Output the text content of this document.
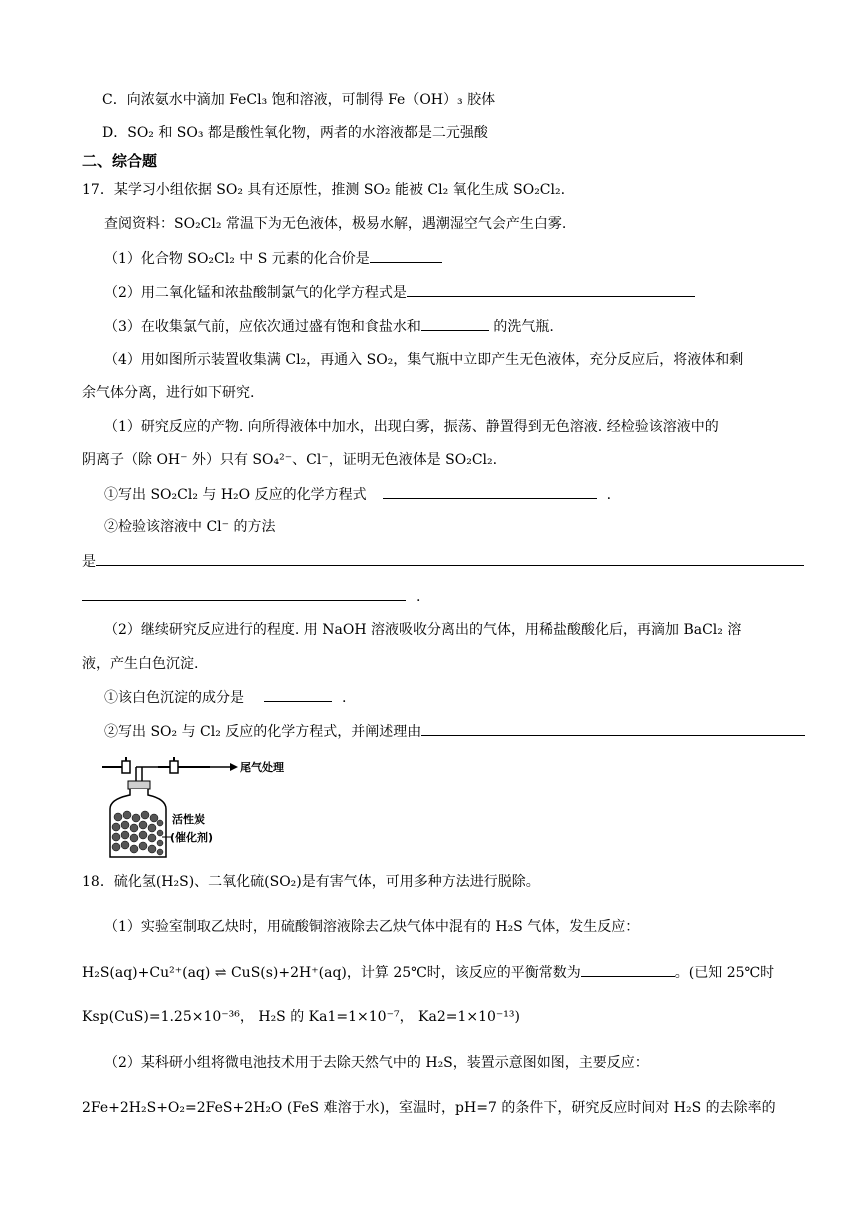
C．向浓氨水中滴加 FeCl₃ 饱和溶液，可制得 Fe（OH）₃ 胶体
D．SO₂ 和 SO₃ 都是酸性氧化物，两者的水溶液都是二元强酸
二、综合题
17．某学习小组依据 SO₂ 具有还原性，推测 SO₂ 能被 Cl₂ 氧化生成 SO₂Cl₂.
查阅资料：SO₂Cl₂ 常温下为无色液体，极易水解，遇潮湿空气会产生白雾.
（1）化合物 SO₂Cl₂ 中 S 元素的化合价是
（2）用二氧化锰和浓盐酸制氯气的化学方程式是
（3）在收集氯气前，应依次通过盛有饱和食盐水和	的洗气瓶.
（4）用如图所示装置收集满 Cl₂，再通入 SO₂，集气瓶中立即产生无色液体，充分反应后，将液体和剩
余气体分离，进行如下研究.
（1）研究反应的产物. 向所得液体中加水，出现白雾，振荡、静置得到无色溶液. 经检验该溶液中的
阴离子（除 OH⁻ 外）只有 SO₄²⁻、Cl⁻，证明无色液体是 SO₂Cl₂.
①写出 SO₂Cl₂ 与 H₂O 反应的化学方程式	.
②检验该溶液中 Cl⁻ 的方法
是
.
（2）继续研究反应进行的程度. 用 NaOH 溶液吸收分离出的气体，用稀盐酸酸化后，再滴加 BaCl₂ 溶
液，产生白色沉淀.
①该白色沉淀的成分是	.
②写出 SO₂ 与 Cl₂ 反应的化学方程式，并阐述理由
尾气处理
活性炭
(催化剂)
18．硫化氢(H₂S)、二氧化硫(SO₂)是有害气体，可用多种方法进行脱除。
（1）实验室制取乙炔时，用硫酸铜溶液除去乙炔气体中混有的 H₂S 气体，发生反应：
H₂S(aq)+Cu²⁺(aq) ⇌ CuS(s)+2H⁺(aq)，计算 25℃时，该反应的平衡常数为	。(已知 25℃时
Ksp(CuS)=1.25×10⁻³⁶， H₂S 的 Ka1=1×10⁻⁷， Ka2=1×10⁻¹³)
（2）某科研小组将微电池技术用于去除天然气中的 H₂S，装置示意图如图，主要反应：
2Fe+2H₂S+O₂=2FeS+2H₂O (FeS 难溶于水)，室温时，pH=7 的条件下，研究反应时间对 H₂S 的去除率的
